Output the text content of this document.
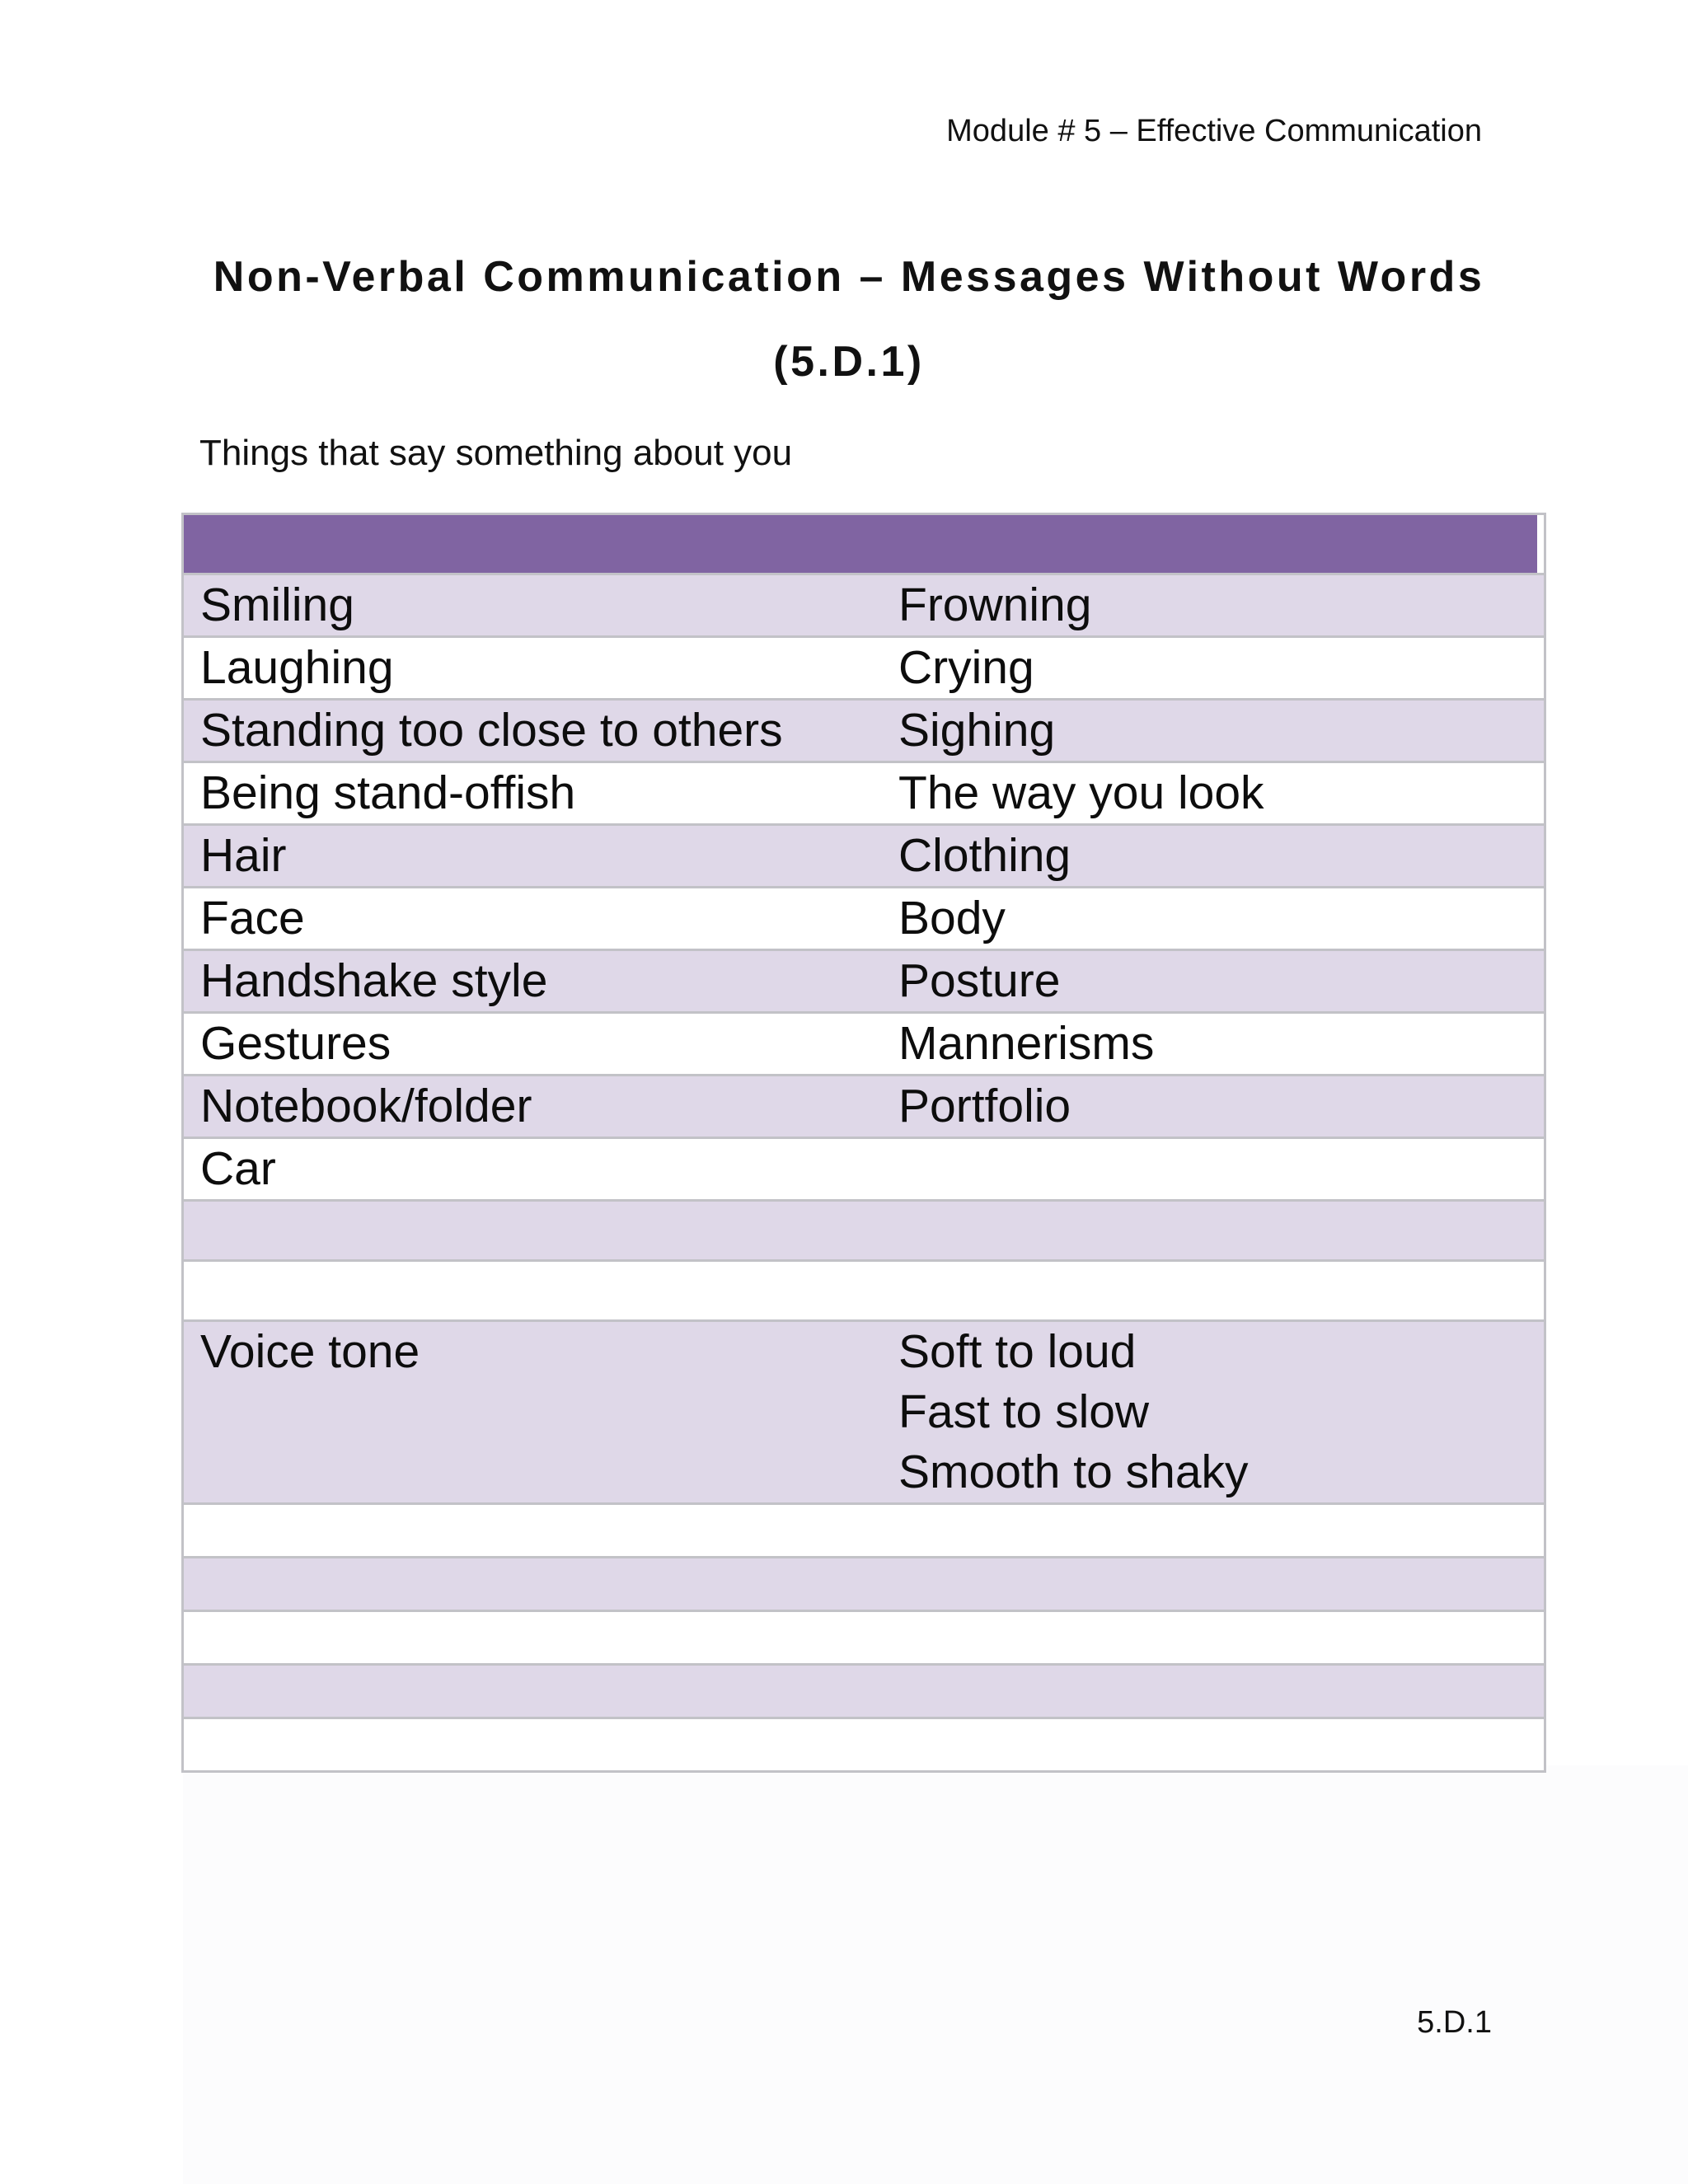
Module # 5 – Effective Communication
Non-Verbal Communication – Messages Without Words
(5.D.1)
Things that say something about you
Smiling	Frowning
Laughing	Crying
Standing too close to others	Sighing
Being stand-offish	The way you look
Hair	Clothing
Face	Body
Handshake style	Posture
Gestures	Mannerisms
Notebook/folder	Portfolio
Car
Voice tone	Soft to loud
Fast to slow
Smooth to shaky
5.D.1
